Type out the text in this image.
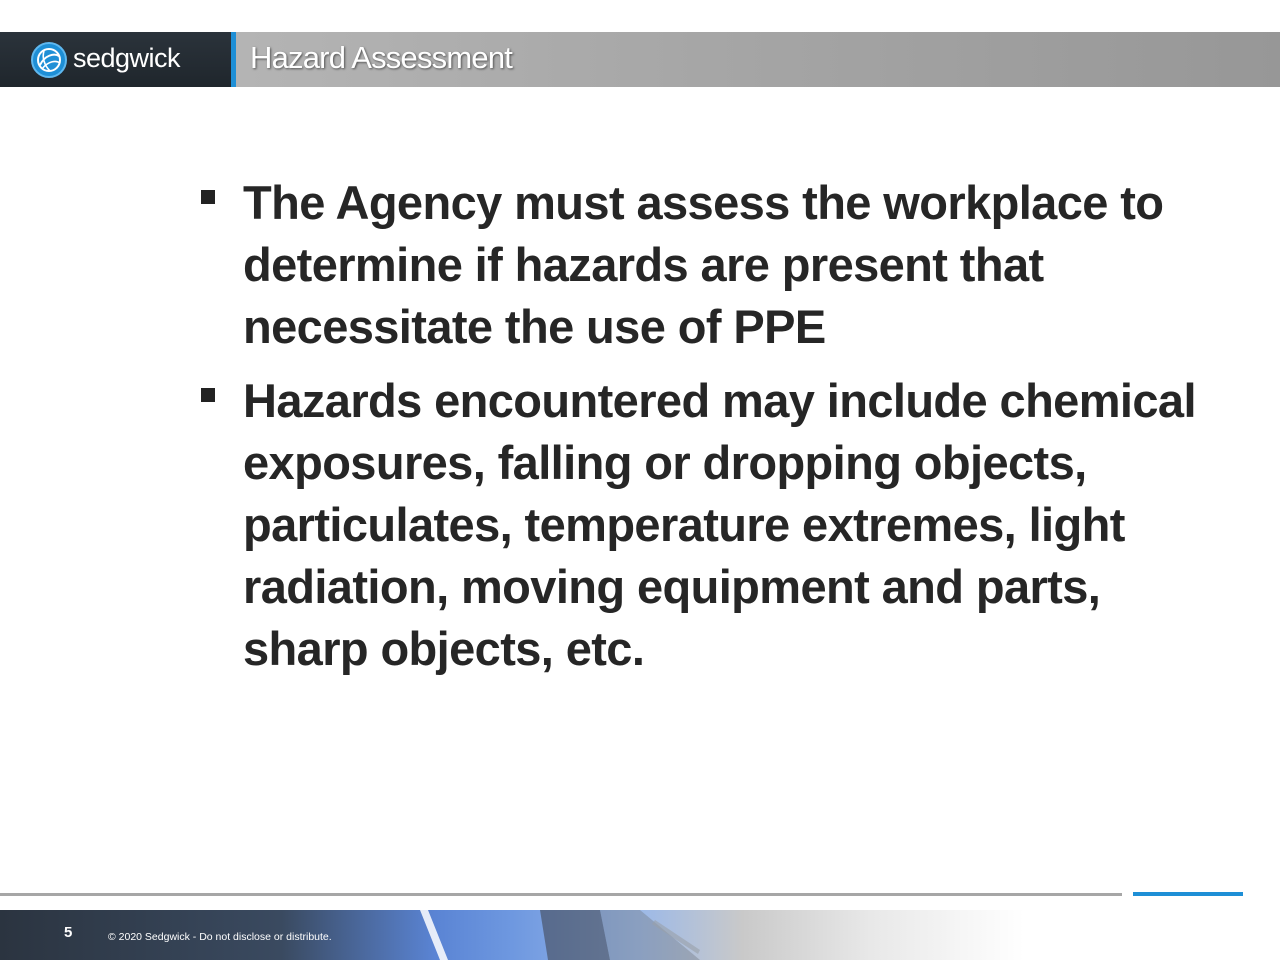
sedgwick Hazard Assessment
The Agency must assess the workplace to determine if hazards are present that necessitate the use of PPE
Hazards encountered may include chemical exposures, falling or dropping objects, particulates, temperature extremes, light radiation, moving equipment and parts, sharp objects, etc.
5	© 2020 Sedgwick - Do not disclose or distribute.
